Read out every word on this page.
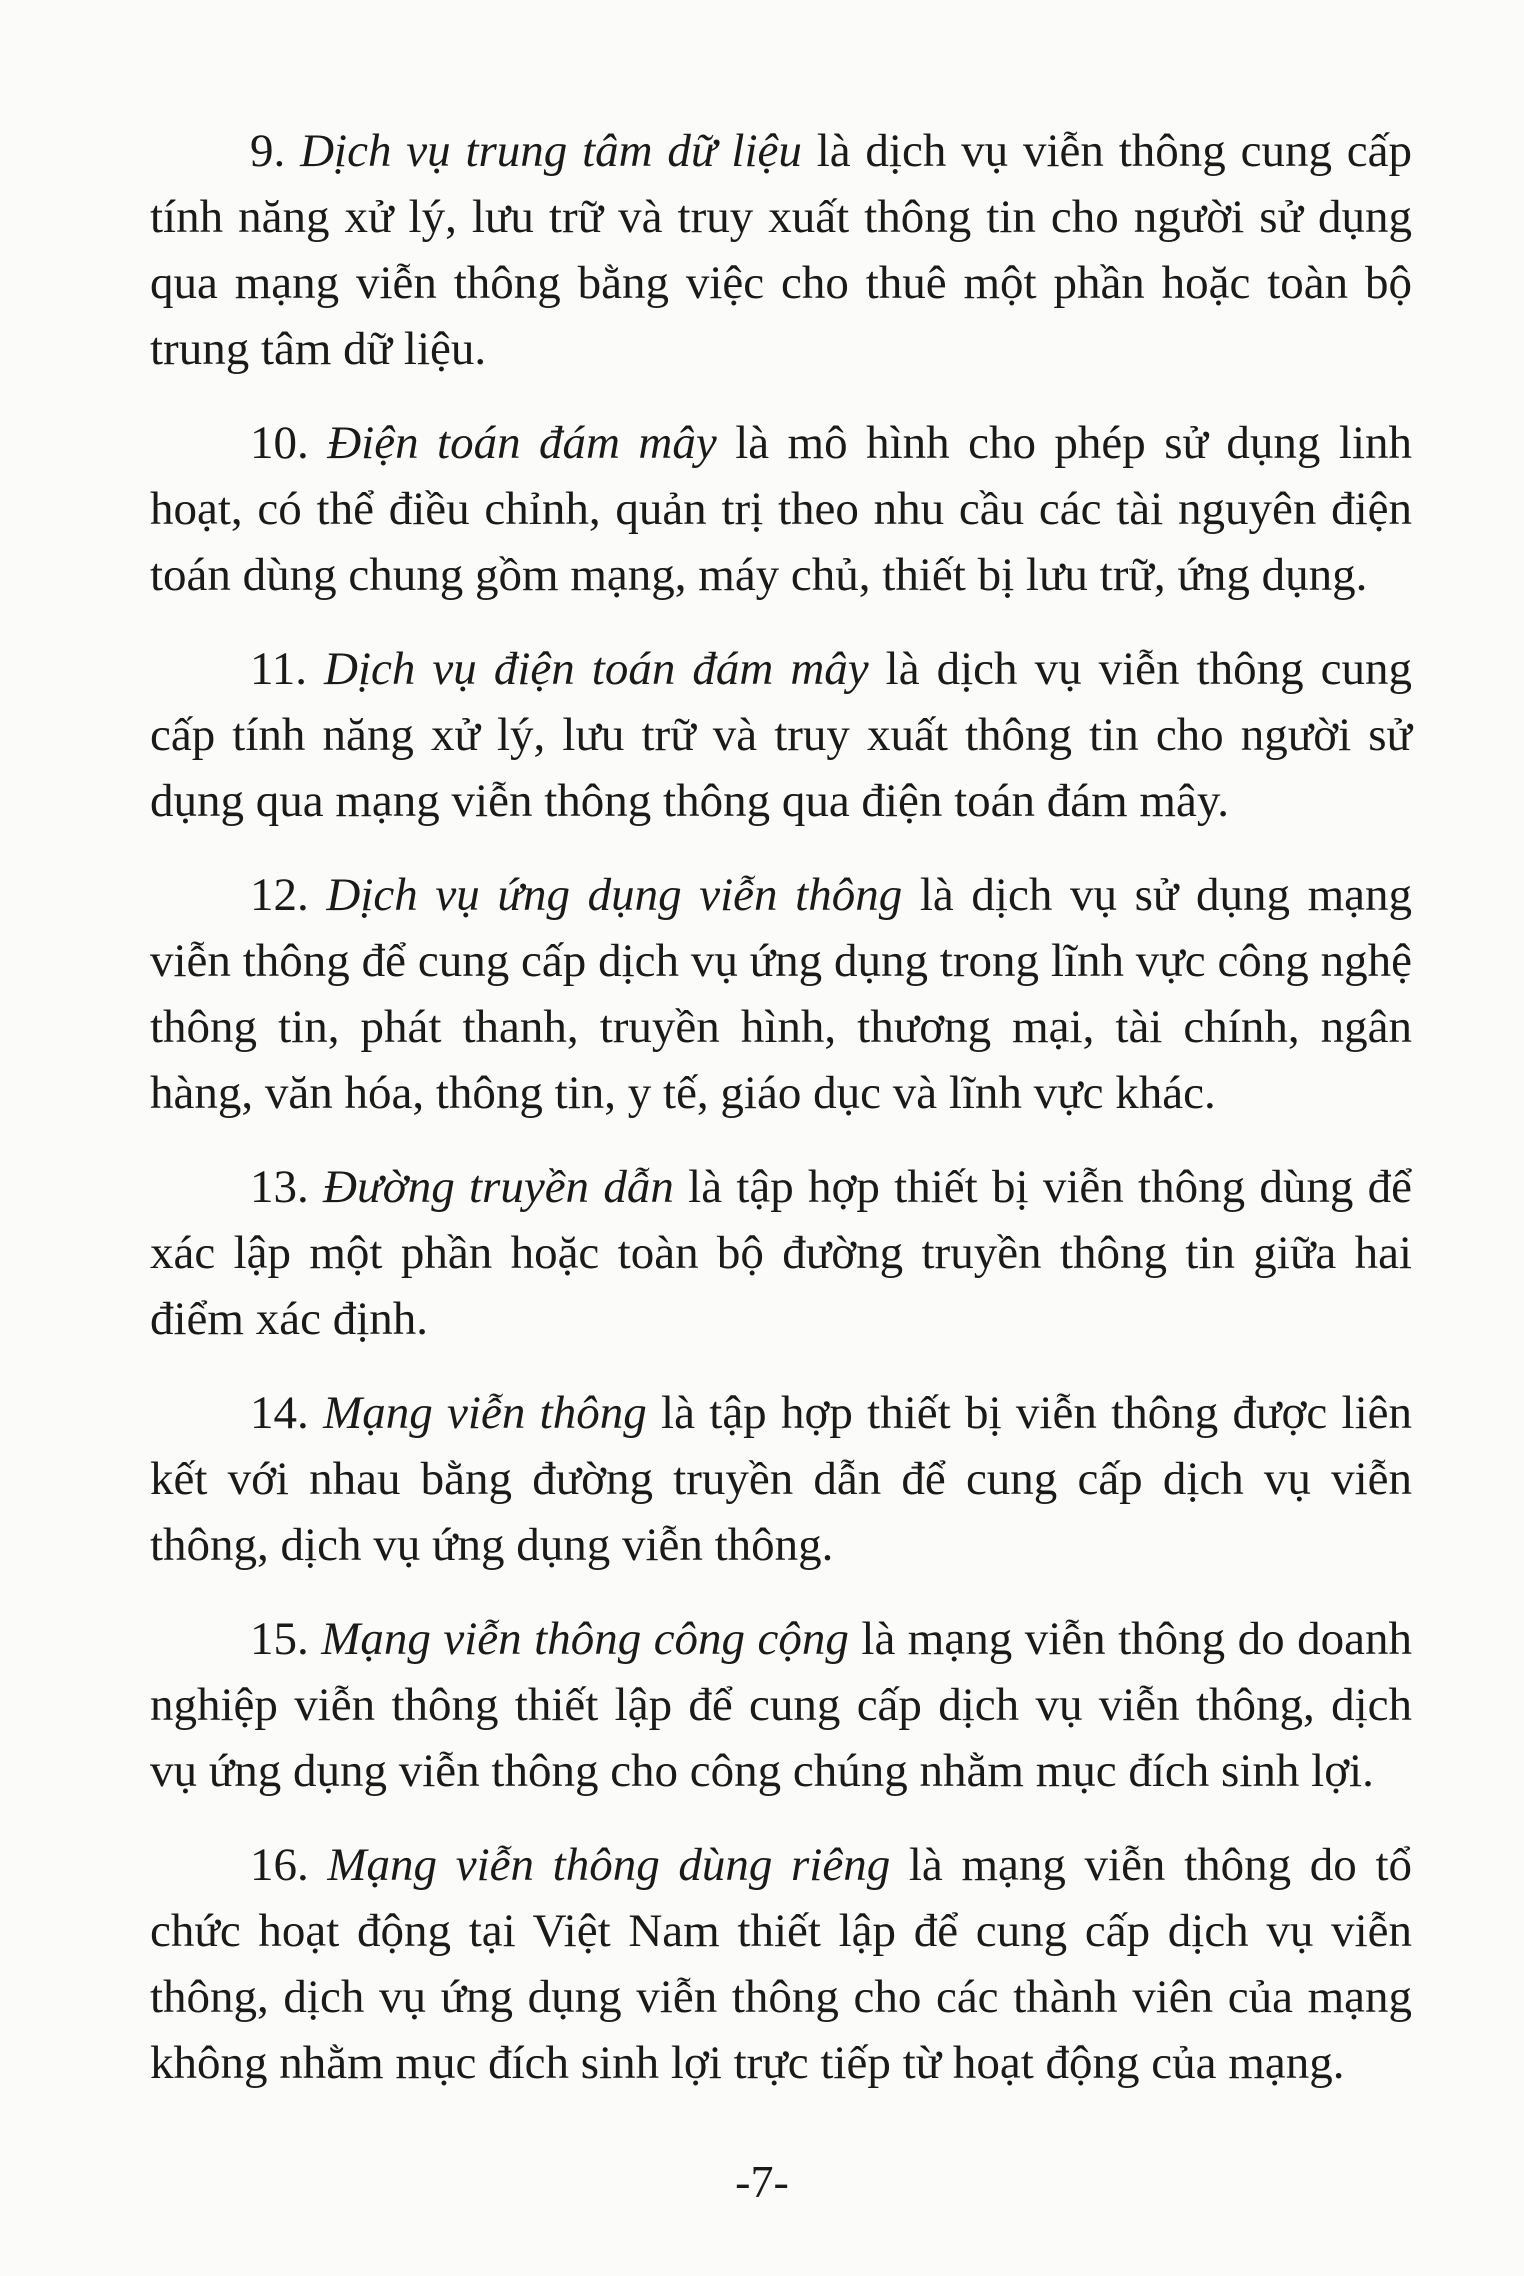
9. Dịch vụ trung tâm dữ liệu là dịch vụ viễn thông cung cấp tính năng xử lý, lưu trữ và truy xuất thông tin cho người sử dụng qua mạng viễn thông bằng việc cho thuê một phần hoặc toàn bộ trung tâm dữ liệu.

10. Điện toán đám mây là mô hình cho phép sử dụng linh hoạt, có thể điều chỉnh, quản trị theo nhu cầu các tài nguyên điện toán dùng chung gồm mạng, máy chủ, thiết bị lưu trữ, ứng dụng.

11. Dịch vụ điện toán đám mây là dịch vụ viễn thông cung cấp tính năng xử lý, lưu trữ và truy xuất thông tin cho người sử dụng qua mạng viễn thông thông qua điện toán đám mây.

12. Dịch vụ ứng dụng viễn thông là dịch vụ sử dụng mạng viễn thông để cung cấp dịch vụ ứng dụng trong lĩnh vực công nghệ thông tin, phát thanh, truyền hình, thương mại, tài chính, ngân hàng, văn hóa, thông tin, y tế, giáo dục và lĩnh vực khác.

13. Đường truyền dẫn là tập hợp thiết bị viễn thông dùng để xác lập một phần hoặc toàn bộ đường truyền thông tin giữa hai điểm xác định.

14. Mạng viễn thông là tập hợp thiết bị viễn thông được liên kết với nhau bằng đường truyền dẫn để cung cấp dịch vụ viễn thông, dịch vụ ứng dụng viễn thông.

15. Mạng viễn thông công cộng là mạng viễn thông do doanh nghiệp viễn thông thiết lập để cung cấp dịch vụ viễn thông, dịch vụ ứng dụng viễn thông cho công chúng nhằm mục đích sinh lợi.

16. Mạng viễn thông dùng riêng là mạng viễn thông do tổ chức hoạt động tại Việt Nam thiết lập để cung cấp dịch vụ viễn thông, dịch vụ ứng dụng viễn thông cho các thành viên của mạng không nhằm mục đích sinh lợi trực tiếp từ hoạt động của mạng.

-7-
